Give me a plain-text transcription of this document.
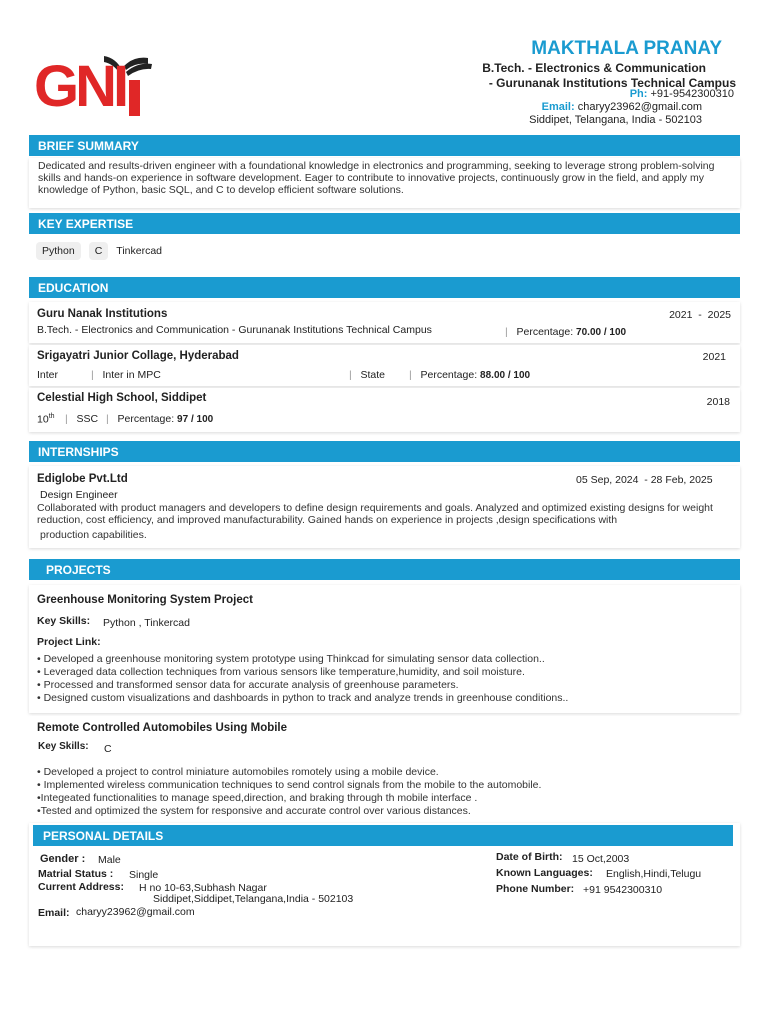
GNI
MAKTHALA PRANAY
B.Tech. - Electronics & Communication
- Gurunanak Institutions Technical Campus
Ph: +91-9542300310
Email: charyy23962@gmail.com
Siddipet, Telangana, India - 502103
BRIEF SUMMARY
Dedicated and results-driven engineer with a foundational knowledge in electronics and programming, seeking to leverage strong problem-solving skills and hands-on experience in software development. Eager to contribute to innovative projects, continuously grow in the field, and apply my knowledge of Python, basic SQL, and C to develop efficient software solutions.
KEY EXPERTISE
Python	C	Tinkercad
EDUCATION
Guru Nanak Institutions	2021 - 2025
B.Tech. - Electronics and Communication - Gurunanak Institutions Technical Campus	| Percentage: 70.00 / 100
Srigayatri Junior Collage, Hyderabad	2021
Inter	| Inter in MPC	| State | Percentage: 88.00 / 100
Celestial High School, Siddipet	2018
10th | SSC | Percentage: 97 / 100
INTERNSHIPS
Ediglobe Pvt.Ltd	05 Sep, 2024  - 28 Feb, 2025
Design Engineer
Collaborated with product managers and developers to define design requirements and goals. Analyzed and optimized existing designs for weight reduction, cost efficiency, and improved manufacturability. Gained hands on experience in projects ,design specifications with
production capabilities.
PROJECTS
Greenhouse Monitoring System Project
Key Skills: Python , Tinkercad
Project Link:
• Developed a greenhouse monitoring system prototype using Thinkcad for simulating sensor data collection..
• Leveraged data collection techniques from various sensors like temperature,humidity, and soil moisture.
• Processed and transformed sensor data for accurate analysis of greenhouse parameters.
• Designed custom visualizations and dashboards in python to track and analyze trends in greenhouse conditions..
Remote Controlled Automobiles Using Mobile
Key Skills: C
• Developed a project to control miniature automobiles romotely using a mobile device.
• Implemented wireless communication techniques to send control signals from the mobile to the automobile.
•Integeated functionalities to manage speed,direction, and braking through th mobile interface .
•Tested and optimized the system for responsive and accurate control over various distances.
PERSONAL DETAILS
Gender : Male
Matrial Status : Single
Current Address: H no 10-63,Subhash Nagar
Siddipet,Siddipet,Telangana,India - 502103
Email: charyy23962@gmail.com
Date of Birth: 15 Oct,2003
Known Languages: English,Hindi,Telugu
Phone Number: +91 9542300310
